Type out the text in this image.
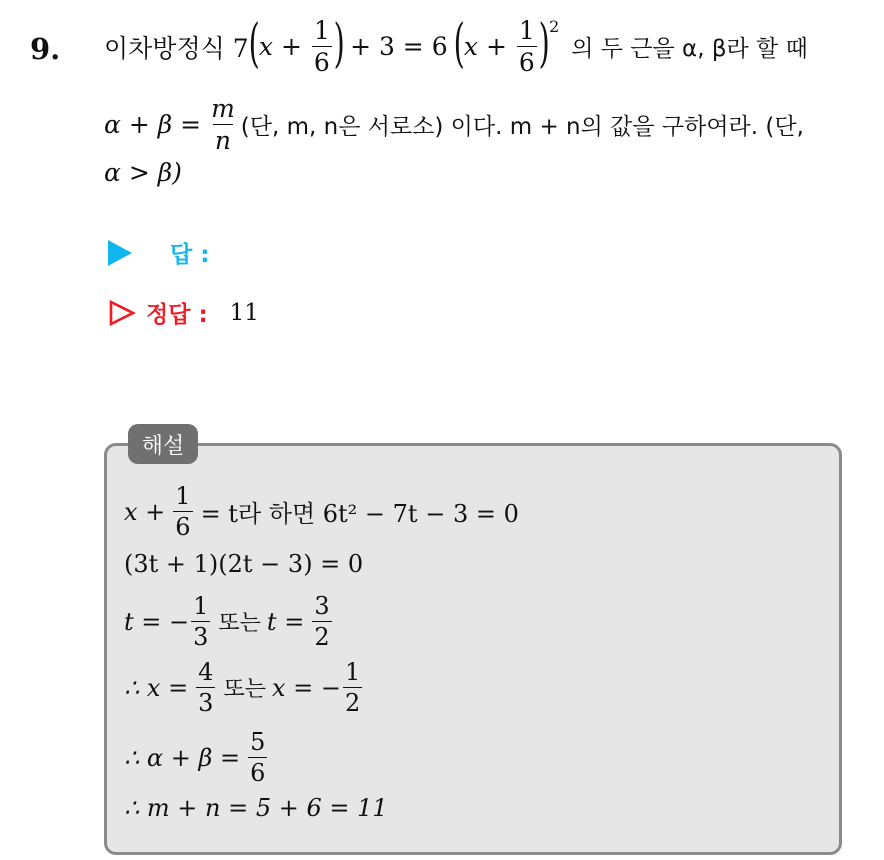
9. 이차방정식 7 ( $x + \frac{1}{6}$ ) + 3 = 6 ( $x + \frac{1}{6} )^2$
의 두 근을 α, β라 할 때
$\alpha + \beta = \frac{m}{n}$ (단, m, n은 서로소) 이다. m + n의 값을 구하여라. (단,
α > β)
답 :
정답 : 11
해설
$x + \frac{1}{6} = t$라 하면 6t² − 7t − 3 = 0
(3t + 1)(2t − 3) = 0
t = − $\frac{1}{3}$ 또는 $t = \frac{3}{2}$
∴ $x = \frac{4}{3}$ 또는 x = − $\frac{1}{2}$
∴ $\alpha + \beta = \frac{5}{6}$
∴ m + n = 5 + 6 = 11
